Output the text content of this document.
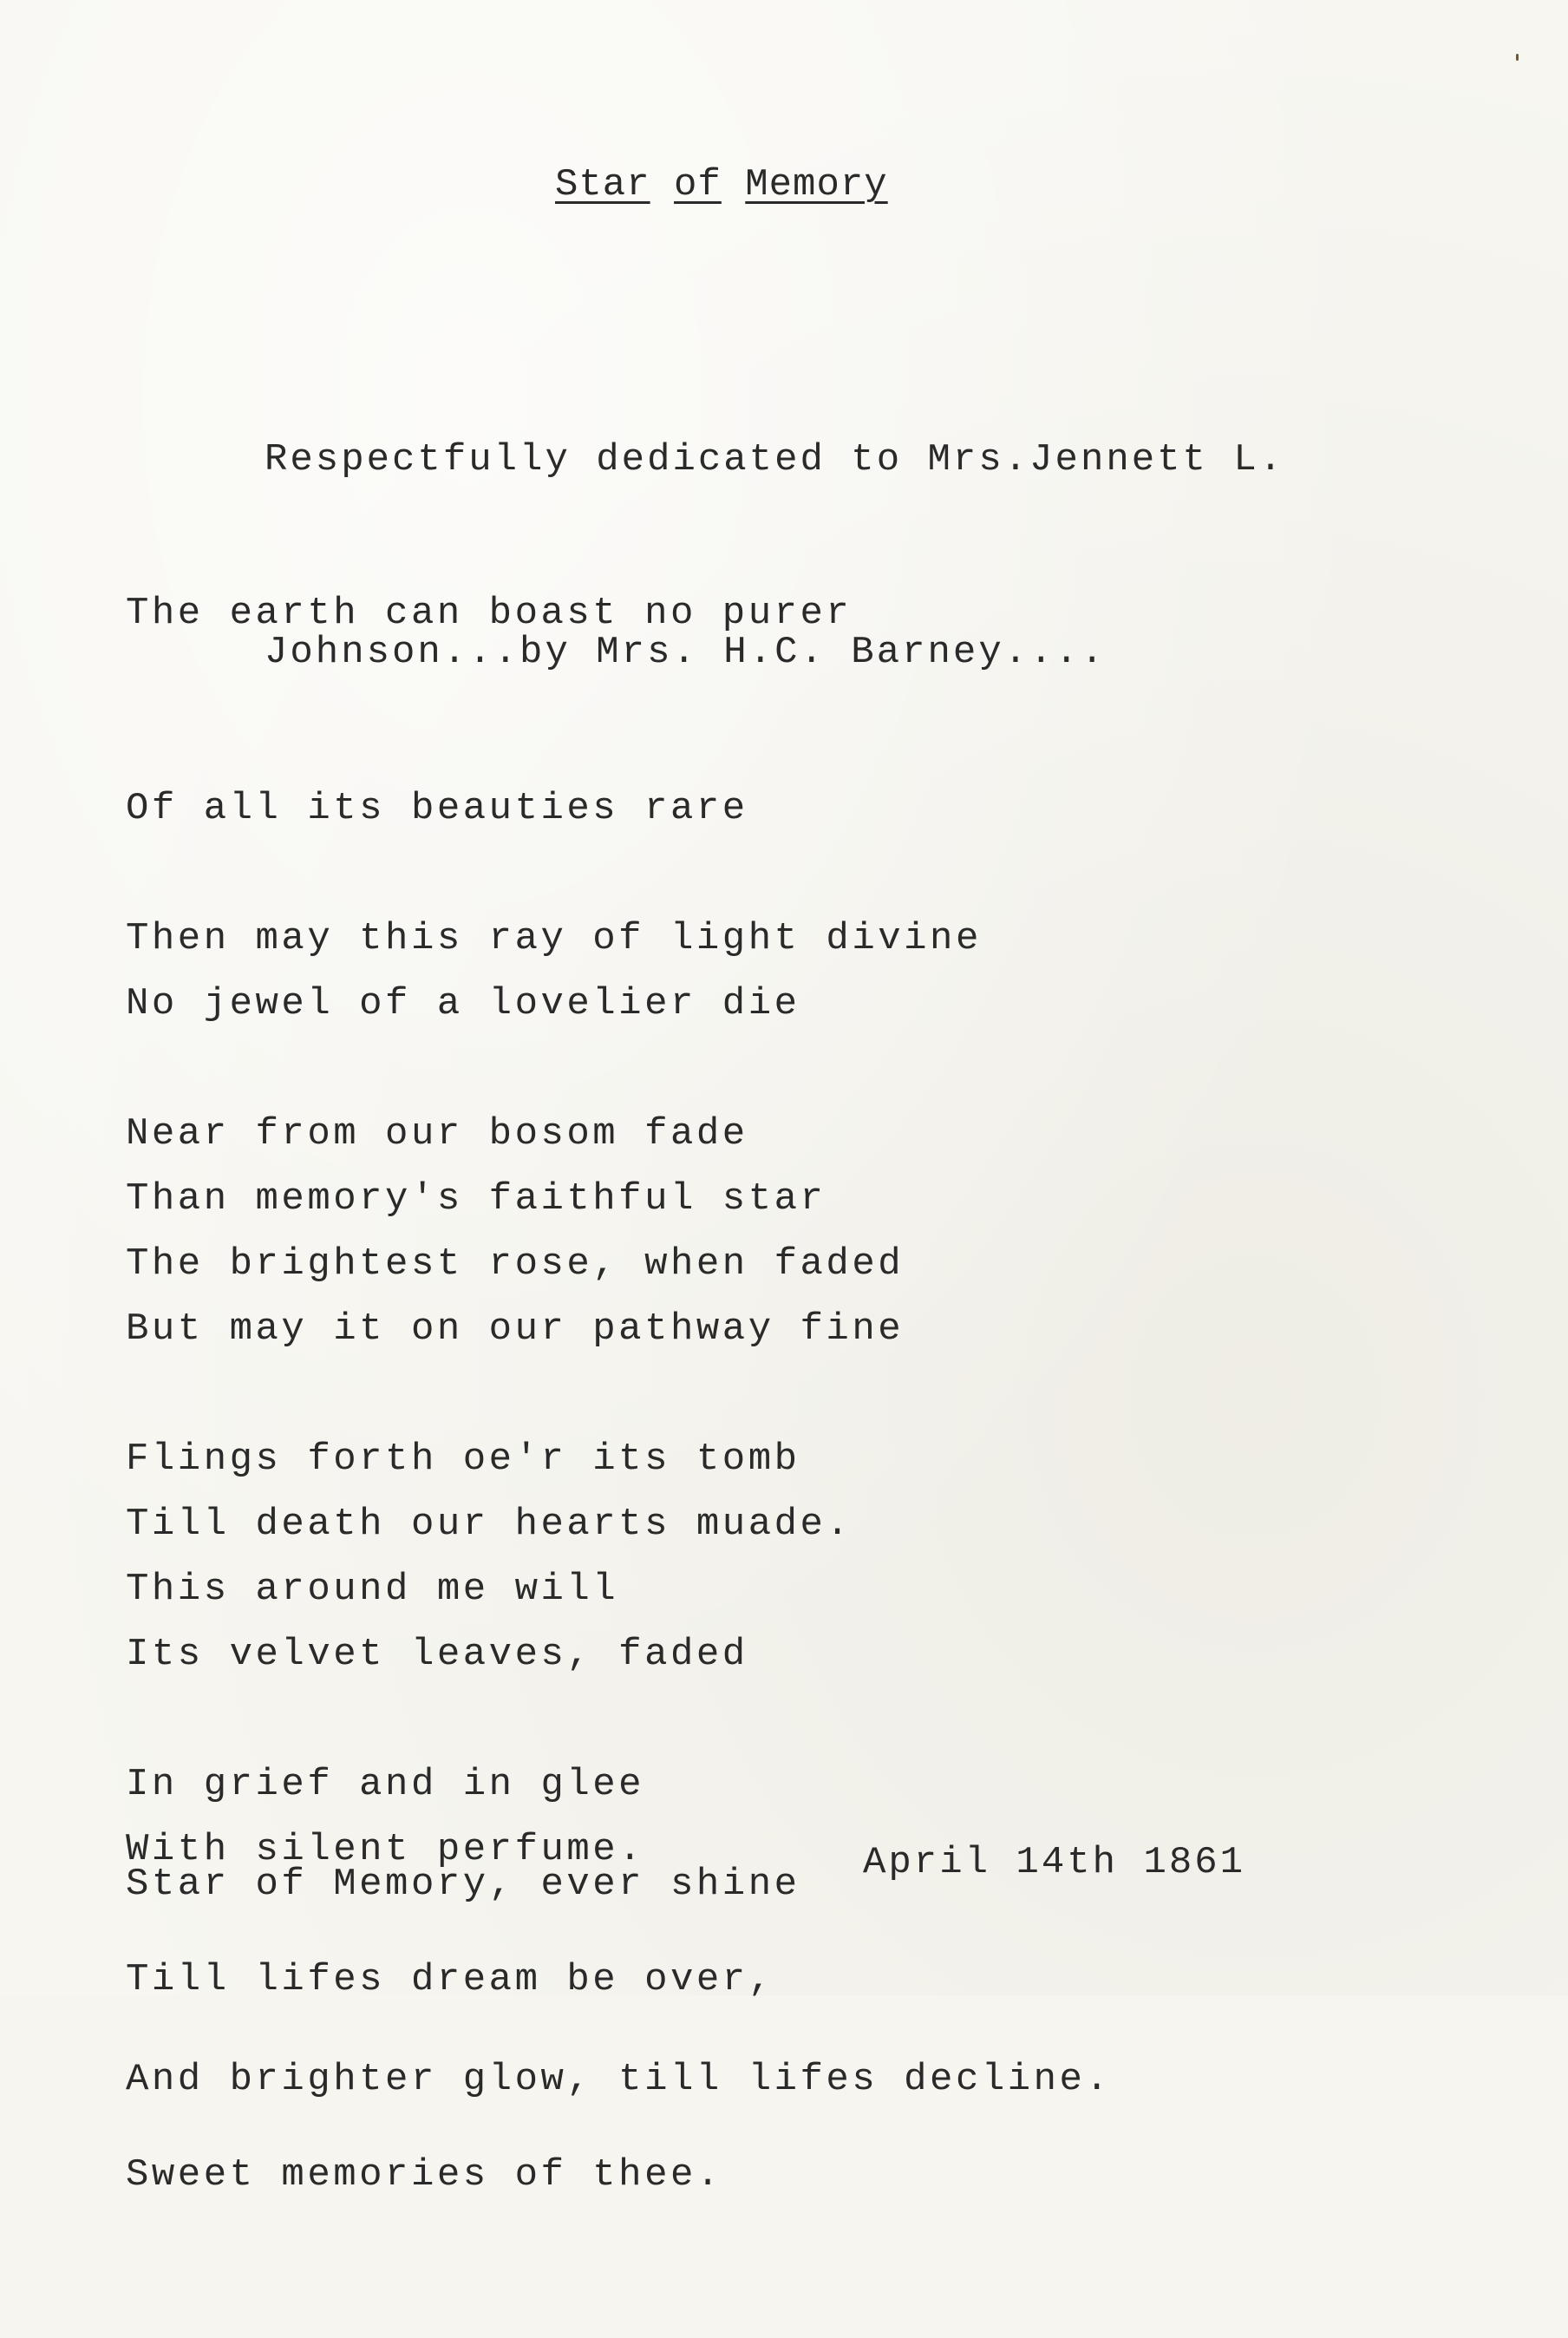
Star of Memory

Respectfully dedicated to Mrs.Jennett L.

Johnson...by Mrs. H.C. Barney....

The earth can boast no purer

Of all its beauties rare

No jewel of a lovelier die

Than memory's faithful star

Then may this ray of light divine

Near from our bosom fade

But may it on our pathway fine

Till death our hearts muade.

The brightest rose, when faded

Flings forth oe'r its tomb

Its velvet leaves, faded

With silent perfume.

This around me will

In grief and in glee

Till lifes dream be over,

Sweet memories of thee.

Star of Memory, ever shine

And brighter glow, till lifes decline.

April 14th 1861
